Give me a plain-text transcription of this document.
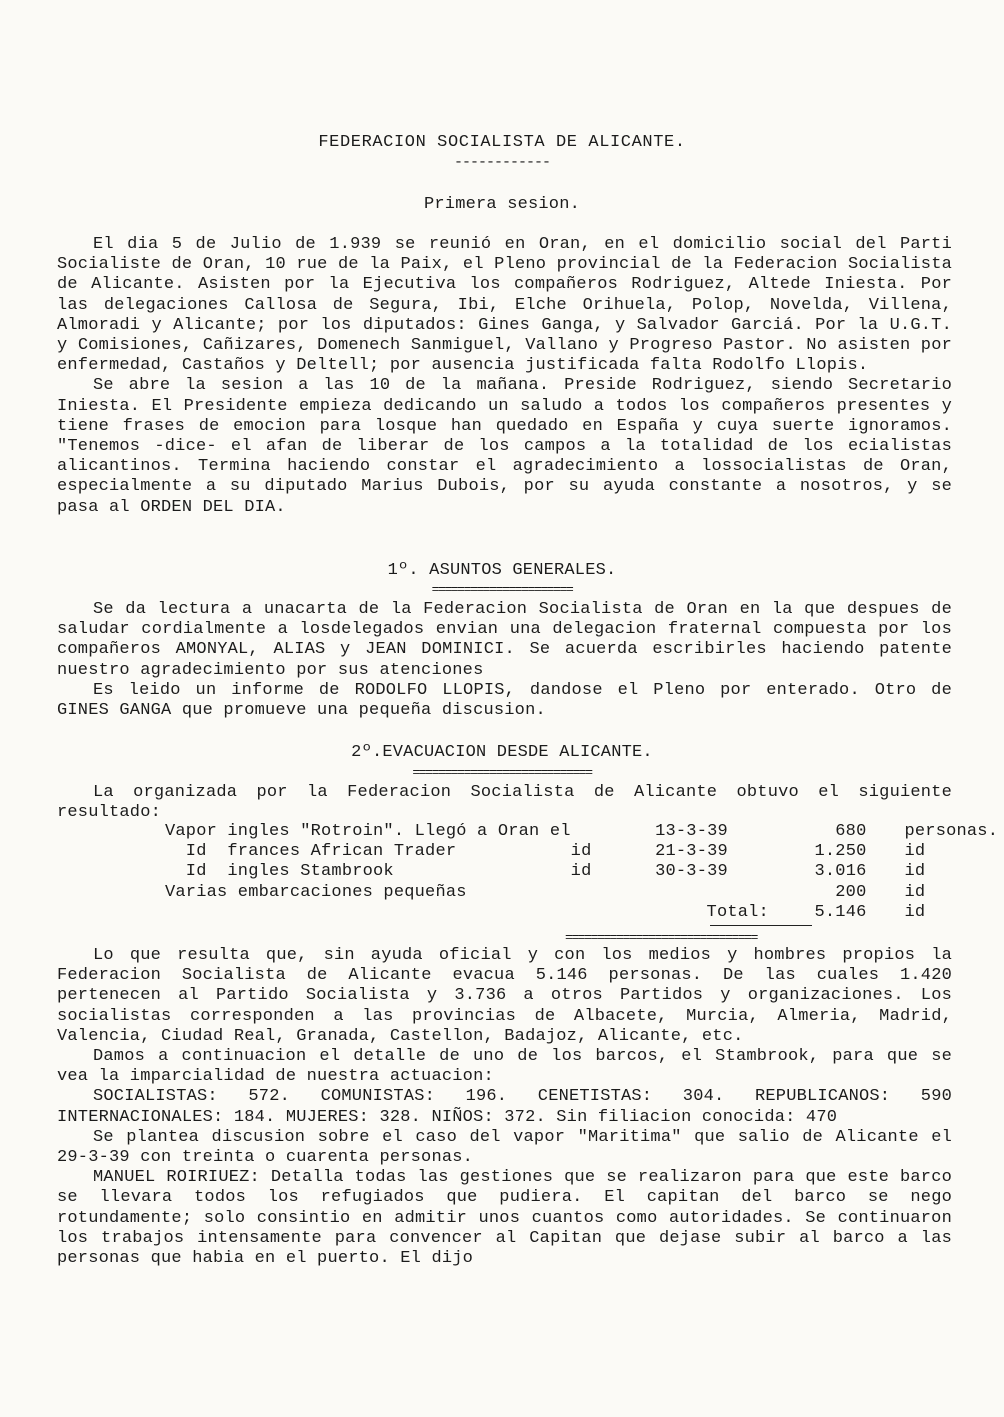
FEDERACION SOCIALISTA DE ALICANTE.
------------
Primera sesion.

El dia 5 de Julio de 1.939 se reunió en Oran, en el domicilio social del Parti Socialiste de Oran, 10 rue de la Paix, el Pleno provincial de la Federacion Socialista de Alicante. Asisten por la Ejecutiva los compañeros Rodriguez, Altede Iniesta. Por las delegaciones Callosa de Segura, Ibi, Elche Orihuela, Polop, Novelda, Villena, Almoradi y Alicante; por los diputados: Gines Ganga, y Salvador Garciá. Por la U.G.T. y Comisiones, Cañizares, Domenech Sanmiguel, Vallano y Progreso Pastor. No asisten por enfermedad, Castaños y Deltell; por ausencia justificada falta Rodolfo Llopis.

Se abre la sesion a las 10 de la mañana. Preside Rodriguez, siendo Secretario Iniesta. El Presidente empieza dedicando un saludo a todos los compañeros presentes y tiene frases de emocion para losque han quedado en España y cuya suerte ignoramos. "Tenemos -dice- el afan de liberar de los campos a la totalidad de los ecialistas alicantinos. Termina haciendo constar el agradecimiento a lossocialistas de Oran, especialmente a su diputado Marius Dubois, por su ayuda constante a nosotros, y se pasa al ORDEN DEL DIA.

1º. ASUNTOS GENERALES.
======================

Se da lectura a unacarta de la Federacion Socialista de Oran en la que despues de saludar cordialmente a losdelegados envian una delegacion fraternal compuesta por los compañeros AMONYAL, ALIAS y JEAN DOMINICI. Se acuerda escribirles haciendo patente nuestro agradecimiento por sus atenciones

Es leido un informe de RODOLFO LLOPIS, dandose el Pleno por enterado. Otro de GINES GANGA que promueve una pequeña discusion.

2º.EVACUACION DESDE ALICANTE.
============================

La organizada por la Federacion Socialista de Alicante obtuvo el siguiente resultado:

Vapor ingles "Rotroin". Llegó a Oran el		13-3-39	680	personas.
Id  frances African Trader	id	21-3-39	1.250	id
Id  ingles Stambrook	id	30-3-39	3.016	id
Varias embarcaciones pequeñas			200	id
		Total:	5.146	id
==============================

Lo que resulta que, sin ayuda oficial y con los medios y hombres propios la Federacion Socialista de Alicante evacua 5.146 personas. De las cuales 1.420 pertenecen al Partido Socialista y 3.736 a otros Partidos y organizaciones. Los socialistas corresponden a las provincias de Albacete, Murcia, Almeria, Madrid, Valencia, Ciudad Real, Granada, Castellon, Badajoz, Alicante, etc.

Damos a continuacion el detalle de uno de los barcos, el Stambrook, para que se vea la imparcialidad de nuestra actuacion:

SOCIALISTAS: 572. COMUNISTAS: 196. CENETISTAS: 304. REPUBLICANOS: 590 INTERNACIONALES: 184. MUJERES: 328. NIÑOS: 372. Sin filiacion conocida: 470

Se plantea discusion sobre el caso del vapor "Maritima" que salio de Alicante el 29-3-39 con treinta o cuarenta personas.

MANUEL ROIRIUEZ: Detalla todas las gestiones que se realizaron para que este barco se llevara todos los refugiados que pudiera. El capitan del barco se nego rotundamente; solo consintio en admitir unos cuantos como autoridades. Se continuaron los trabajos intensamente para convencer al Capitan que dejase subir al barco a las personas que habia en el puerto. El dijo
